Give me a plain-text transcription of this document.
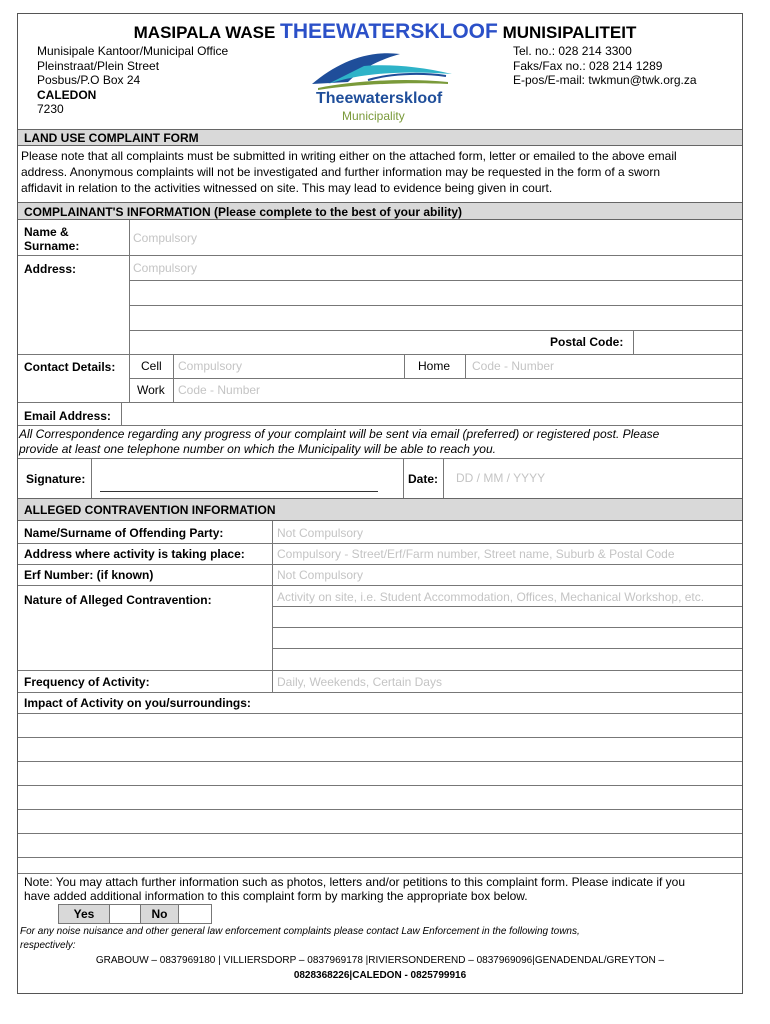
MASIPALA WASE THEEWATERSKLOOF MUNISIPALITEIT
Munisipale Kantoor/Municipal Office
Pleinstraat/Plein Street
Posbus/P.O Box 24
CALEDON
7230
Tel. no.: 028 214 3300
Faks/Fax no.: 028 214 1289
E-pos/E-mail: twkmun@twk.org.za
Theewaterskloof
Municipality
LAND USE COMPLAINT FORM
Please note that all complaints must be submitted in writing either on the attached form, letter or emailed to the above email
address. Anonymous complaints will not be investigated and further information may be requested in the form of a sworn
affidavit in relation to the activities witnessed on site. This may lead to evidence being given in court.
COMPLAINANT'S INFORMATION (Please complete to the best of your ability)
Name &
Surname:
Compulsory
Address:	Compulsory
Postal Code:
Contact Details: Cell Compulsory	Home Code - Number
Work Code - Number
Email Address:
All Correspondence regarding any progress of your complaint will be sent via email (preferred) or registered post. Please
provide at least one telephone number on which the Municipality will be able to reach you.
Signature:	Date: DD / MM / YYYY
ALLEGED CONTRAVENTION INFORMATION
Name/Surname of Offending Party:	Not Compulsory
Address where activity is taking place:	Compulsory - Street/Erf/Farm number, Street name, Suburb & Postal Code
Erf Number: (if known)	Not Compulsory
Nature of Alleged Contravention:	Activity on site, i.e. Student Accommodation, Offices, Mechanical Workshop, etc.
Frequency of Activity:	Daily, Weekends, Certain Days
Impact of Activity on you/surroundings:
Note: You may attach further information such as photos, letters and/or petitions to this complaint form. Please indicate if you
have added additional information to this complaint form by marking the appropriate box below.
Yes	No
For any noise nuisance and other general law enforcement complaints please contact Law Enforcement in the following towns,
respectively:
GRABOUW – 0837969180 | VILLIERSDORP – 0837969178 |RIVIERSONDEREND – 0837969096|GENADENDAL/GREYTON –
0828368226|CALEDON - 0825799916
